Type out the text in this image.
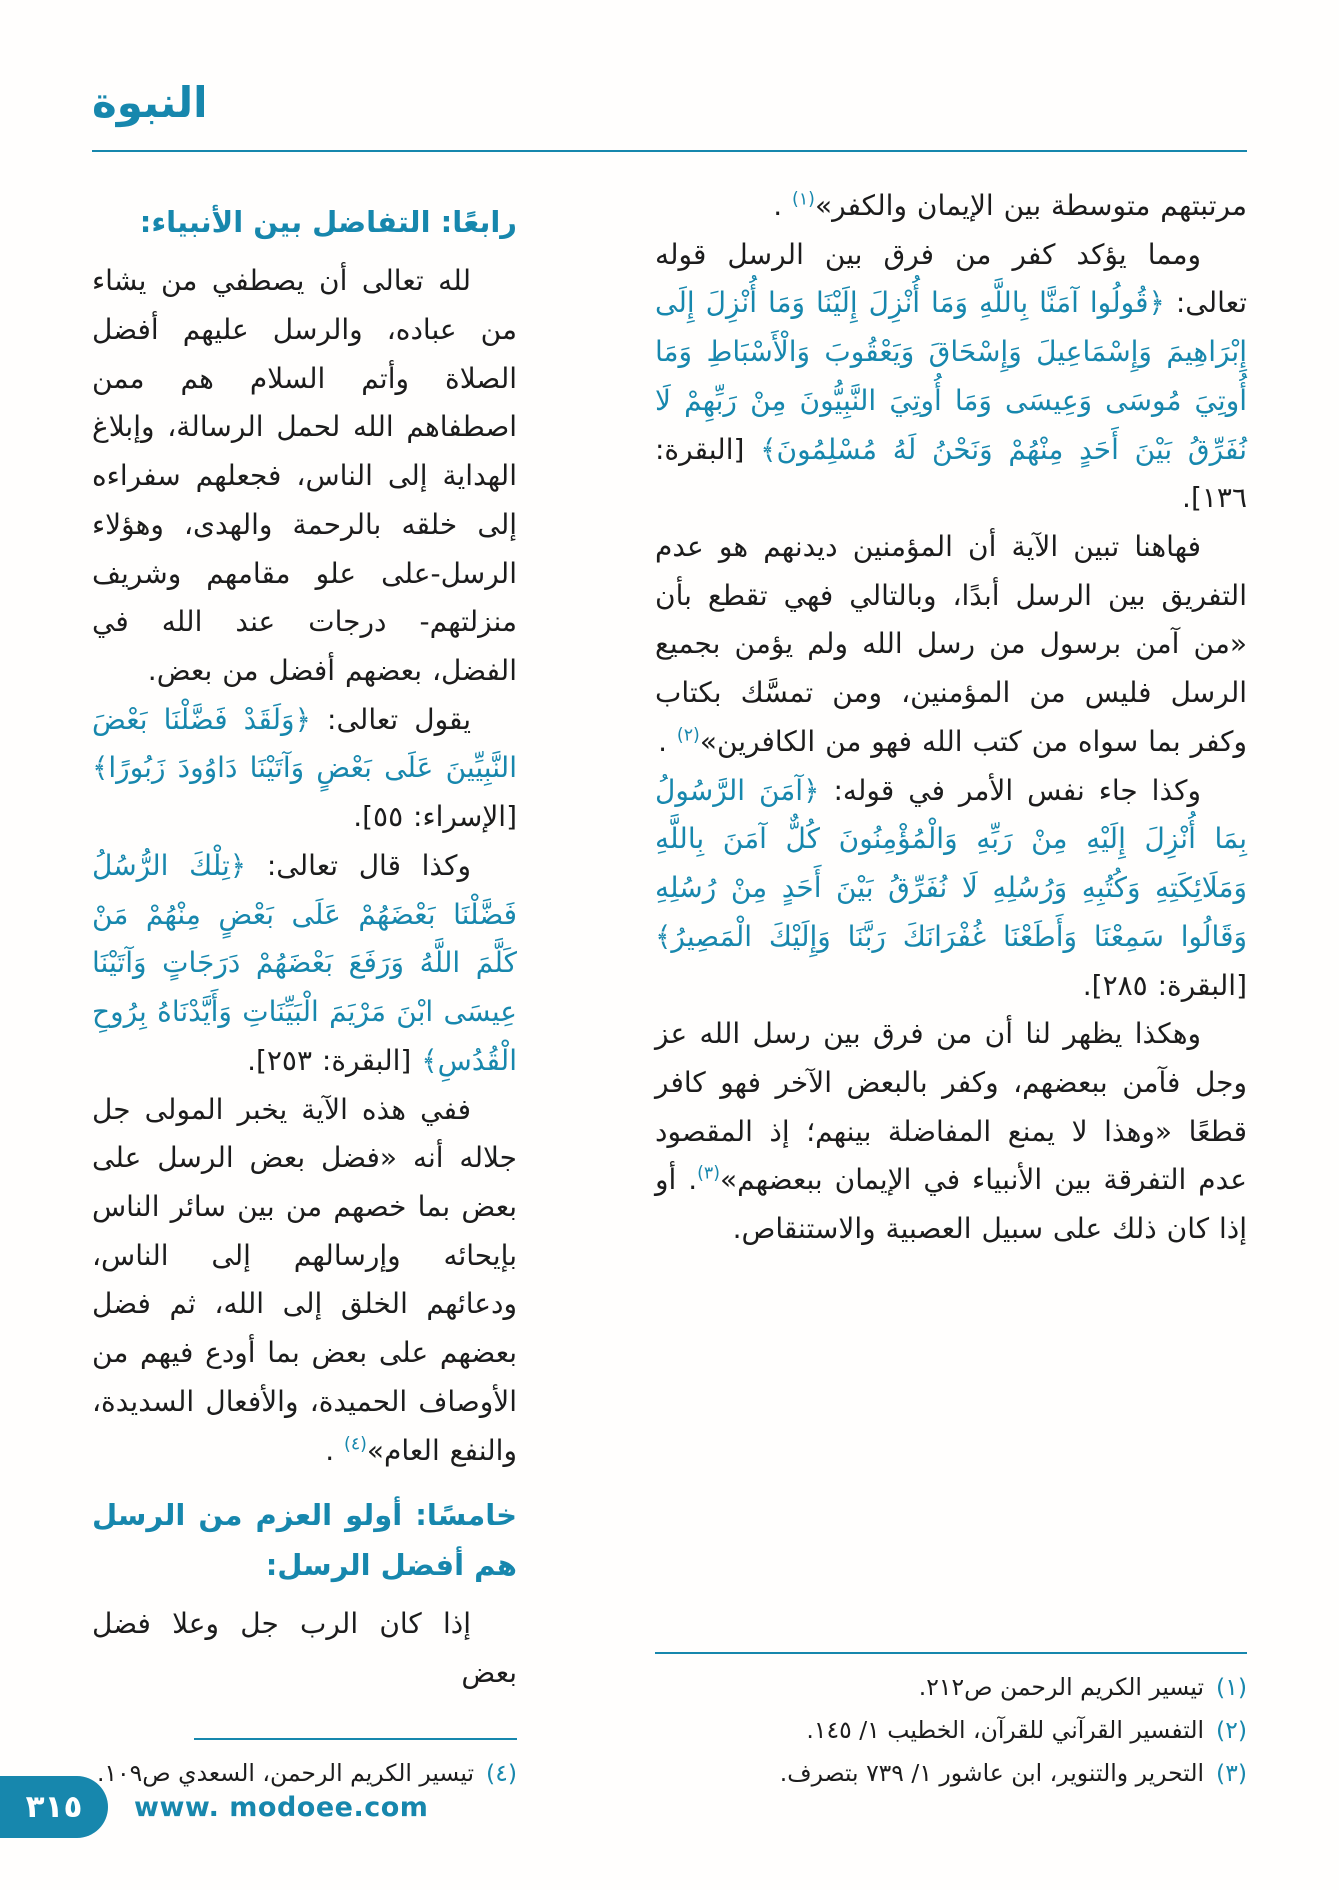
النبوة

مرتبتهم متوسطة بين الإيمان والكفر»$^{(١)}$ .

ومما يؤكد كفر من فرق بين الرسل قوله تعالى: ﴿قُولُوا آمَنَّا بِاللَّهِ وَمَا أُنْزِلَ إِلَيْنَا وَمَا أُنْزِلَ إِلَى إِبْرَاهِيمَ وَإِسْمَاعِيلَ وَإِسْحَاقَ وَيَعْقُوبَ وَالْأَسْبَاطِ وَمَا أُوتِيَ مُوسَى وَعِيسَى وَمَا أُوتِيَ النَّبِيُّونَ مِنْ رَبِّهِمْ لَا نُفَرِّقُ بَيْنَ أَحَدٍ مِنْهُمْ وَنَحْنُ لَهُ مُسْلِمُونَ﴾ [البقرة: ١٣٦].

فهاهنا تبين الآية أن المؤمنين ديدنهم هو عدم التفريق بين الرسل أبدًا، وبالتالي فهي تقطع بأن «من آمن برسول من رسل الله ولم يؤمن بجميع الرسل فليس من المؤمنين، ومن تمسَّك بكتاب وكفر بما سواه من كتب الله فهو من الكافرين»$^{(٢)}$ .

وكذا جاء نفس الأمر في قوله: ﴿آمَنَ الرَّسُولُ بِمَا أُنْزِلَ إِلَيْهِ مِنْ رَبِّهِ وَالْمُؤْمِنُونَ كُلٌّ آمَنَ بِاللَّهِ وَمَلَائِكَتِهِ وَكُتُبِهِ وَرُسُلِهِ لَا نُفَرِّقُ بَيْنَ أَحَدٍ مِنْ رُسُلِهِ وَقَالُوا سَمِعْنَا وَأَطَعْنَا غُفْرَانَكَ رَبَّنَا وَإِلَيْكَ الْمَصِيرُ﴾ [البقرة: ٢٨٥].

وهكذا يظهر لنا أن من فرق بين رسل الله عز وجل فآمن ببعضهم، وكفر بالبعض الآخر فهو كافر قطعًا «وهذا لا يمنع المفاضلة بينهم؛ إذ المقصود عدم التفرقة بين الأنبياء في الإيمان ببعضهم»$^{(٣)}$. أو إذا كان ذلك على سبيل العصبية والاستنقاص.

(١)
تيسير الكريم الرحمن ص٢١٢.
(٢)
التفسير القرآني للقرآن، الخطيب ١/ ١٤٥.
(٣)
التحرير والتنوير، ابن عاشور ١/ ٧٣٩ بتصرف.
رابعًا: التفاضل بين الأنبياء:

لله تعالى أن يصطفي من يشاء من عباده، والرسل عليهم أفضل الصلاة وأتم السلام هم ممن اصطفاهم الله لحمل الرسالة، وإبلاغ الهداية إلى الناس، فجعلهم سفراءه إلى خلقه بالرحمة والهدى، وهؤلاء الرسل-على علو مقامهم وشريف منزلتهم- درجات عند الله في الفضل، بعضهم أفضل من بعض.

يقول تعالى: ﴿وَلَقَدْ فَضَّلْنَا بَعْضَ النَّبِيِّينَ عَلَى بَعْضٍ وَآتَيْنَا دَاوُودَ زَبُورًا﴾ [الإسراء: ٥٥].

وكذا قال تعالى: ﴿تِلْكَ الرُّسُلُ فَضَّلْنَا بَعْضَهُمْ عَلَى بَعْضٍ مِنْهُمْ مَنْ كَلَّمَ اللَّهُ وَرَفَعَ بَعْضَهُمْ دَرَجَاتٍ وَآتَيْنَا عِيسَى ابْنَ مَرْيَمَ الْبَيِّنَاتِ وَأَيَّدْنَاهُ بِرُوحِ الْقُدُسِ﴾ [البقرة: ٢٥٣].

ففي هذه الآية يخبر المولى جل جلاله أنه «فضل بعض الرسل على بعض بما خصهم من بين سائر الناس بإيحائه وإرسالهم إلى الناس، ودعائهم الخلق إلى الله، ثم فضل بعضهم على بعض بما أودع فيهم من الأوصاف الحميدة، والأفعال السديدة، والنفع العام»$^{(٤)}$ .

خامسًا: أولو العزم من الرسل هم أفضل الرسل:

إذا كان الرب جل وعلا فضل بعض

(٤)
تيسير الكريم الرحمن، السعدي ص١٠٩.
٣١٥ www. modoee.com
